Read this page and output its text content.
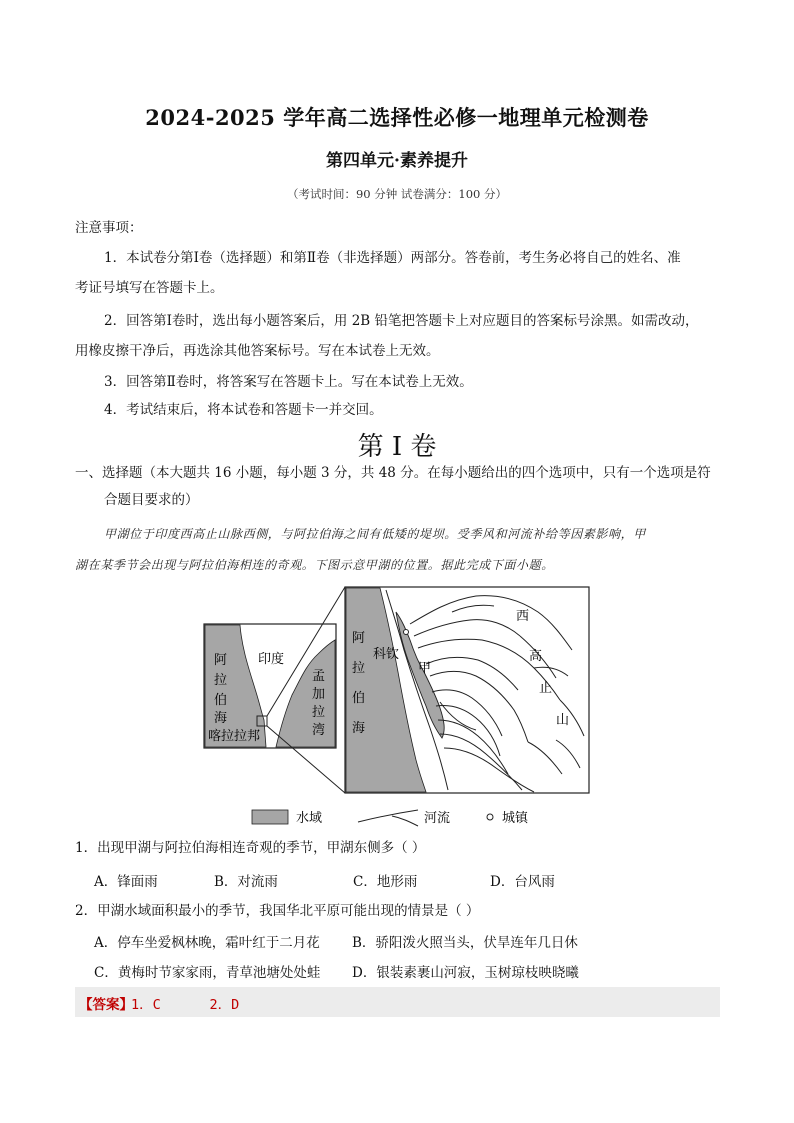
2024-2025 学年高二选择性必修一地理单元检测卷
第四单元·素养提升
（考试时间：90 分钟 试卷满分：100 分）
注意事项：
1．本试卷分第Ⅰ卷（选择题）和第Ⅱ卷（非选择题）两部分。答卷前，考生务必将自己的姓名、准
考证号填写在答题卡上。
2．回答第Ⅰ卷时，选出每小题答案后，用 2B 铅笔把答题卡上对应题目的答案标号涂黑。如需改动，
用橡皮擦干净后，再选涂其他答案标号。写在本试卷上无效。
3．回答第Ⅱ卷时，将答案写在答题卡上。写在本试卷上无效。
4．考试结束后，将本试卷和答题卡一并交回。
第 I 卷
一、选择题（本大题共 16 小题，每小题 3 分，共 48 分。在每小题给出的四个选项中，只有一个选项是符
合题目要求的）
甲湖位于印度西高止山脉西侧，与阿拉伯海之间有低矮的堤坝。受季风和河流补给等因素影响，甲
湖在某季节会出现与阿拉伯海相连的奇观。下图示意甲湖的位置。据此完成下面小题。
印度
阿
拉
伯
海
孟
加
拉
湾
喀拉拉邦
阿
拉
伯
海
科钦
甲
西
高
止
山
水域	河流	城镇
1．出现甲湖与阿拉伯海相连奇观的季节，甲湖东侧多（ ）
A．锋面雨	B．对流雨	C．地形雨	D．台风雨
2．甲湖水域面积最小的季节，我国华北平原可能出现的情景是（ ）
A．停车坐爱枫林晚，霜叶红于二月花 B．骄阳泼火照当头，伏旱连年几日休
C．黄梅时节家家雨，青草池塘处处蛙 D．银装素裹山河寂，玉树琼枝映晓曦
【答案】
1．C      2．D
